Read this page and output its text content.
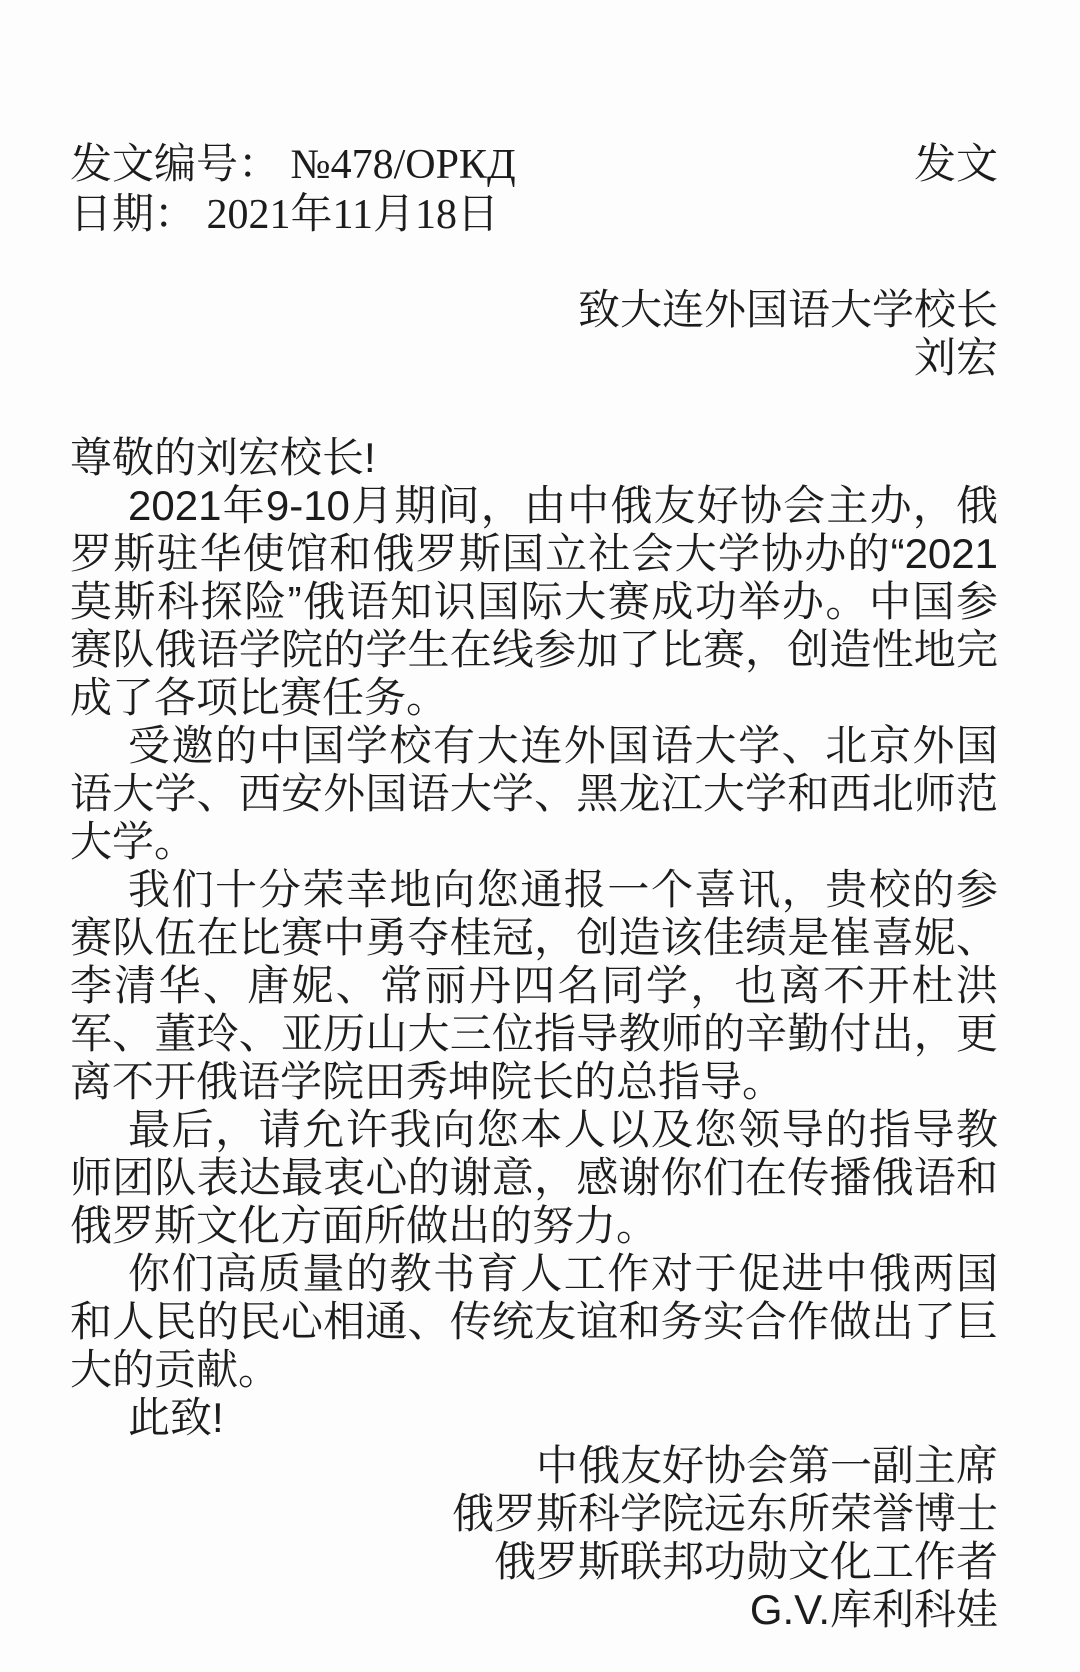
发文编号： №478/ОРКД	发文
日期： 2021年11月18日
致大连外国语大学校长
刘宏
尊敬的刘宏校长!

2021年9-10月期间，由中俄友好协会主办，俄罗斯驻华使馆和俄罗斯国立社会大学协办的“2021莫斯科探险”俄语知识国际大赛成功举办。中国参赛队俄语学院的学生在线参加了比赛，创造性地完成了各项比赛任务。

受邀的中国学校有大连外国语大学、北京外国语大学、西安外国语大学、黑龙江大学和西北师范大学。

我们十分荣幸地向您通报一个喜讯，贵校的参赛队伍在比赛中勇夺桂冠，创造该佳绩是崔喜妮、李清华、唐妮、常丽丹四名同学，也离不开杜洪军、董玲、亚历山大三位指导教师的辛勤付出，更离不开俄语学院田秀坤院长的总指导。

最后，请允许我向您本人以及您领导的指导教师团队表达最衷心的谢意，感谢你们在传播俄语和俄罗斯文化方面所做出的努力。

你们高质量的教书育人工作对于促进中俄两国和人民的民心相通、传统友谊和务实合作做出了巨大的贡献。

此致!
中俄友好协会第一副主席
俄罗斯科学院远东所荣誉博士
俄罗斯联邦功勋文化工作者
G.V.库利科娃
